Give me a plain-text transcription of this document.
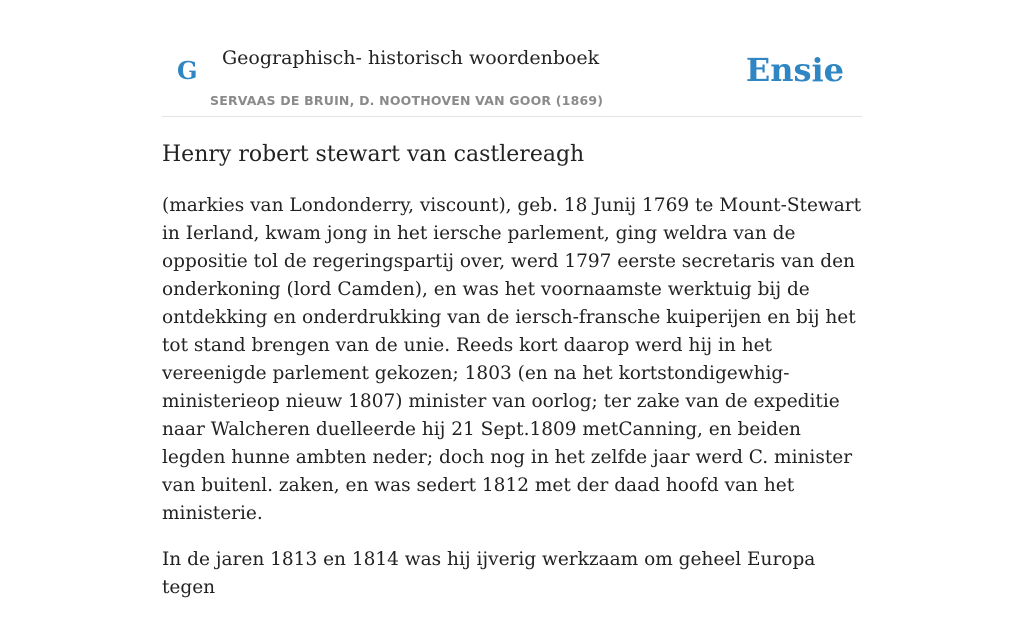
G Geographisch- historisch woordenboek
SERVAAS DE BRUIN, D. NOOTHOVEN VAN GOOR (1869)
Ensie
Henry robert stewart van castlereagh

(markies van Londonderry, viscount), geb. 18 Junij 1769 te Mount-Stewart in Ierland, kwam jong in het iersche parlement, ging weldra van de oppositie tol de regeringspartij over, werd 1797 eerste secretaris van den onderkoning (lord Camden), en was het voornaamste werktuig bij de ontdekking en onderdrukking van de iersch-fransche kuiperijen en bij het tot stand brengen van de unie. Reeds kort daarop werd hij in het vereenigde parlement gekozen; 1803 (en na het kortstondigewhig-ministerieop nieuw 1807) minister van oorlog; ter zake van de expeditie naar Walcheren duelleerde hij 21 Sept.1809 metCanning, en beiden legden hunne ambten neder; doch nog in het zelfde jaar werd C. minister van buitenl. zaken, en was sedert 1812 met der daad hoofd van het ministerie.

In de jaren 1813 en 1814 was hij ijverig werkzaam om geheel Europa tegen
